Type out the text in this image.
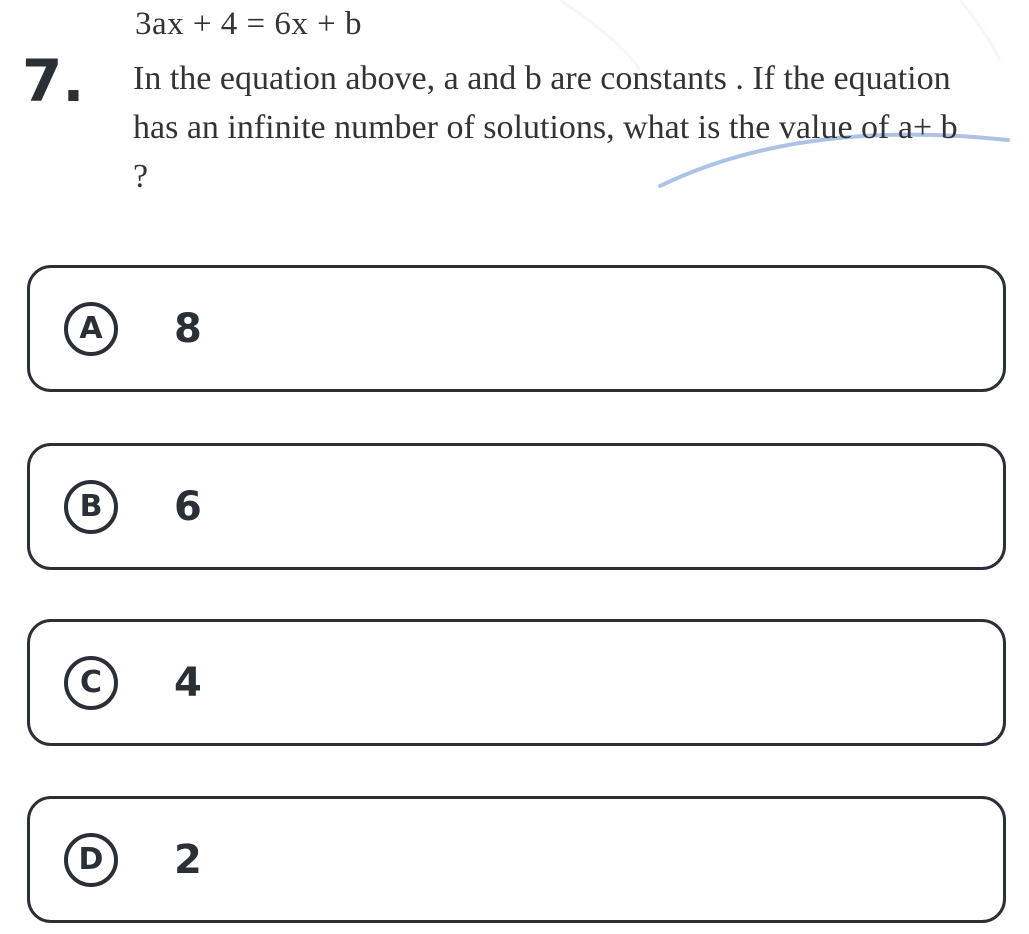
7.
3ax + 4 = 6x + b
In the equation above, a and b are constants . If the equation has an infinite number of solutions, what is the value of a+ b ?
A	8
B	6
C	4
D	2
